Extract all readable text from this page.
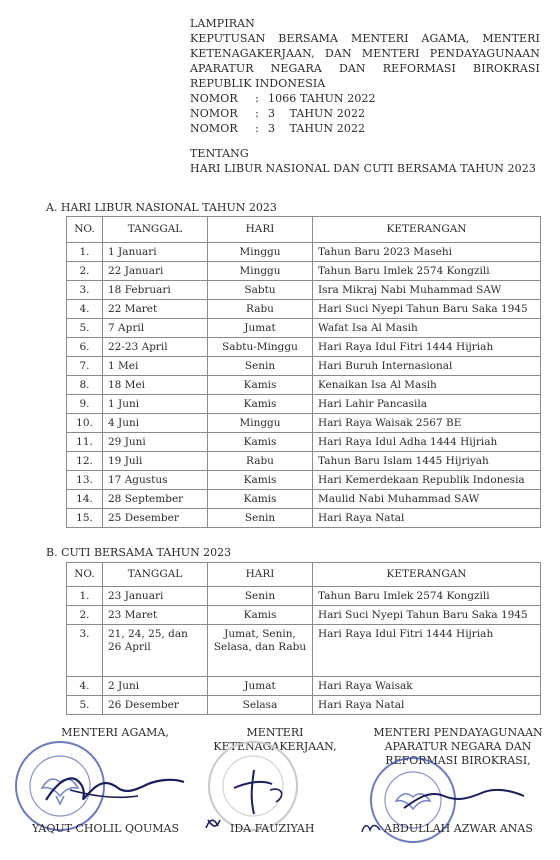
LAMPIRAN
KEPUTUSAN BERSAMA MENTERI AGAMA, MENTERI
KETENAGAKERJAAN, DAN MENTERI PENDAYAGUNAAN
APARATUR NEGARA DAN REFORMASI BIROKRASI
REPUBLIK INDONESIA
NOMOR	: 1066 TAHUN 2022
NOMOR	: 3    TAHUN 2022
NOMOR	: 3    TAHUN 2022
TENTANG
HARI LIBUR NASIONAL DAN CUTI BERSAMA TAHUN 2023
A. HARI LIBUR NASIONAL TAHUN 2023
NO.	TANGGAL	HARI	KETERANGAN
1.	1 Januari	Minggu	Tahun Baru 2023 Masehi
2.	22 Januari	Minggu	Tahun Baru Imlek 2574 Kongzili
3.	18 Februari	Sabtu	Isra Mikraj Nabi Muhammad SAW
4.	22 Maret	Rabu	Hari Suci Nyepi Tahun Baru Saka 1945
5.	7 April	Jumat	Wafat Isa Al Masih
6.	22-23 April	Sabtu-Minggu	Hari Raya Idul Fitri 1444 Hijriah
7.	1 Mei	Senin	Hari Buruh Internasional
8.	18 Mei	Kamis	Kenaikan Isa Al Masih
9.	1 Juni	Kamis	Hari Lahir Pancasila
10.	4 Juni	Minggu	Hari Raya Waisak 2567 BE
11.	29 Juni	Kamis	Hari Raya Idul Adha 1444 Hijriah
12.	19 Juli	Rabu	Tahun Baru Islam 1445 Hijriyah
13.	17 Agustus	Kamis	Hari Kemerdekaan Republik Indonesia
14.	28 September	Kamis	Maulid Nabi Muhammad SAW
15.	25 Desember	Senin	Hari Raya Natal
B. CUTI BERSAMA TAHUN 2023
NO.	TANGGAL	HARI	KETERANGAN
1.	23 Januari	Senin	Tahun Baru Imlek 2574 Kongzili
2.	23 Maret	Kamis	Hari Suci Nyepi Tahun Baru Saka 1945
3.	21, 24, 25, dan 26 April	Jumat, Senin, Selasa, dan Rabu	Hari Raya Idul Fitri 1444 Hijriah
4.	2 Juni	Jumat	Hari Raya Waisak
5.	26 Desember	Selasa	Hari Raya Natal
MENTERI AGAMA,
YAQUT CHOLIL QOUMAS
MENTERI
KETENAGAKERJAAN,
IDA FAUZIYAH
MENTERI PENDAYAGUNAAN
APARATUR NEGARA DAN
REFORMASI BIROKRASI,
ABDULLAH AZWAR ANAS
